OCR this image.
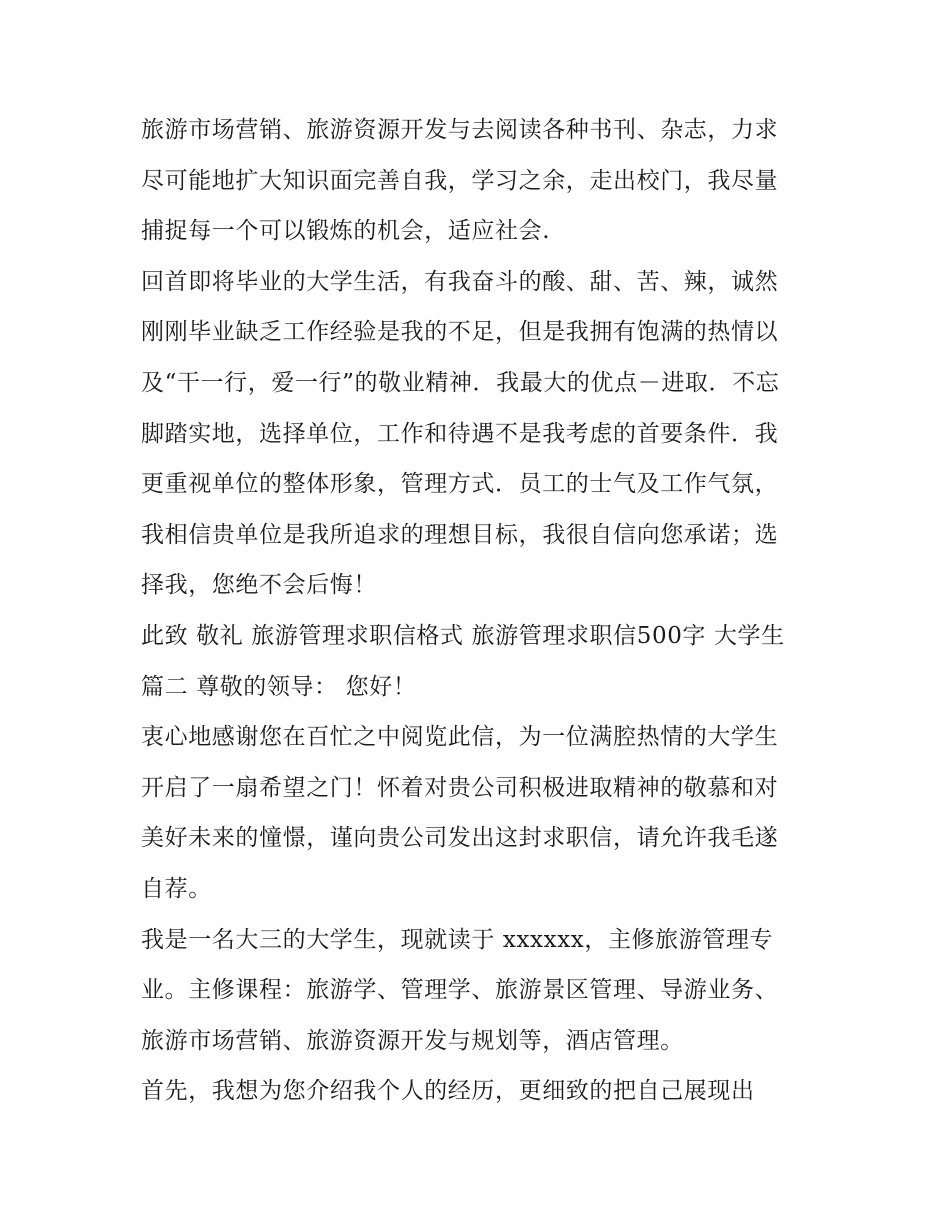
旅游市场营销、旅游资源开发与去阅读各种书刊、杂志，力求
尽可能地扩大知识面完善自我，学习之余，走出校门，我尽量
捕捉每一个可以锻炼的机会，适应社会.
回首即将毕业的大学生活，有我奋斗的酸、甜、苦、辣，诚然
刚刚毕业缺乏工作经验是我的不足，但是我拥有饱满的热情以
及“干一行，爱一行”的敬业精神．我最大的优点－进取．不忘
脚踏实地，选择单位，工作和待遇不是我考虑的首要条件．我
更重视单位的整体形象，管理方式．员工的士气及工作气氛，
我相信贵单位是我所追求的理想目标，我很自信向您承诺；选
择我，您绝不会后悔！
此致 敬礼 旅游管理求职信格式 旅游管理求职信500字 大学生
篇二 尊敬的领导： 您好！
衷心地感谢您在百忙之中阅览此信，为一位满腔热情的大学生
开启了一扇希望之门！怀着对贵公司积极进取精神的敬慕和对
美好未来的憧憬，谨向贵公司发出这封求职信，请允许我毛遂
自荐。
我是一名大三的大学生，现就读于 xxxxxx，主修旅游管理专
业。主修课程：旅游学、管理学、旅游景区管理、导游业务、
旅游市场营销、旅游资源开发与规划等，酒店管理。
首先，我想为您介绍我个人的经历，更细致的把自己展现出
